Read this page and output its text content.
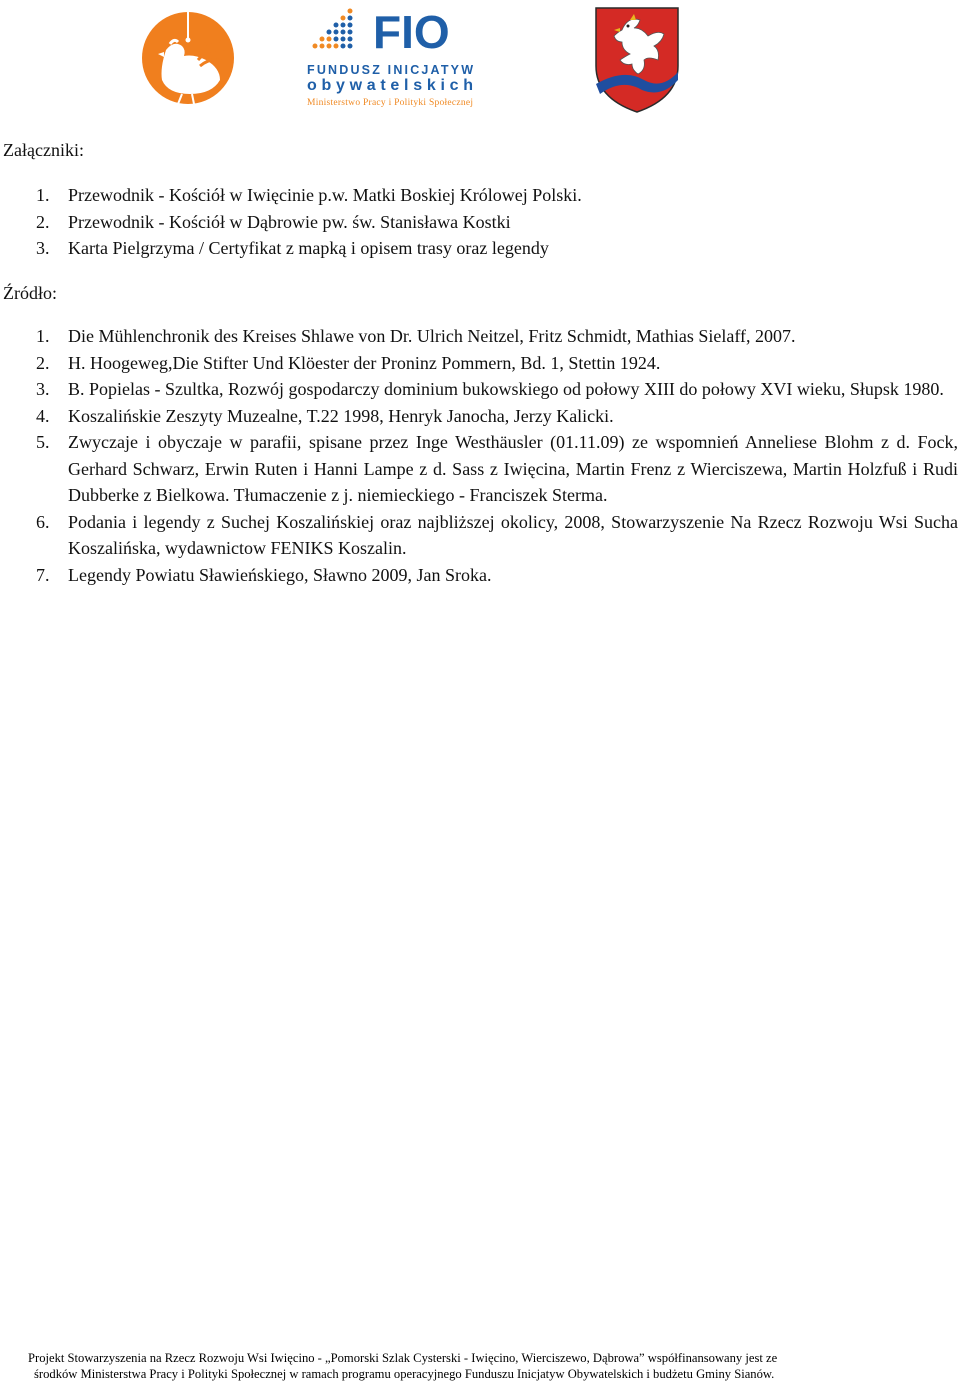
FIO
FUNDUSZ INICJATYW
obywatelskich
Ministerstwo Pracy i Polityki Społecznej
Załączniki:
1. Przewodnik - Kościół w Iwięcinie p.w. Matki Boskiej Królowej Polski.
2. Przewodnik - Kościół w Dąbrowie pw. św. Stanisława Kostki
3. Karta Pielgrzyma / Certyfikat z mapką i opisem trasy oraz legendy
Źródło:
1. Die Mühlenchronik des Kreises Shlawe von Dr. Ulrich Neitzel, Fritz Schmidt, Mathias Sielaff, 2007.
2. H. Hoogeweg,Die Stifter Und Klöester der Proninz Pommern, Bd. 1, Stettin 1924.
3. B. Popielas - Szultka, Rozwój gospodarczy dominium bukowskiego od połowy XIII do połowy XVI wieku, Słupsk 1980.
4. Koszalińskie Zeszyty Muzealne, T.22 1998, Henryk Janocha, Jerzy Kalicki.
5. Zwyczaje i obyczaje w parafii, spisane przez Inge Westhäusler (01.11.09) ze wspomnień Anneliese Blohm z d. Fock, Gerhard Schwarz, Erwin Ruten i Hanni Lampe z d. Sass z Iwięcina, Martin Frenz z Wierciszewa, Martin Holzfuß i Rudi Dubberke z Bielkowa. Tłumaczenie z j. niemieckiego - Franciszek Sterma.
6. Podania i legendy z Suchej Koszalińskiej oraz najbliższej okolicy, 2008, Stowarzyszenie Na Rzecz Rozwoju Wsi Sucha Koszalińska, wydawnictow FENIKS Koszalin.
7. Legendy Powiatu Sławieńskiego, Sławno 2009, Jan Sroka.
Projekt Stowarzyszenia na Rzecz Rozwoju Wsi Iwięcino - „Pomorski Szlak Cysterski - Iwięcino, Wierciszewo, Dąbrowa” współfinansowany jest ze
środków Ministerstwa Pracy i Polityki Społecznej w ramach programu operacyjnego Funduszu Inicjatyw Obywatelskich i budżetu Gminy Sianów.
